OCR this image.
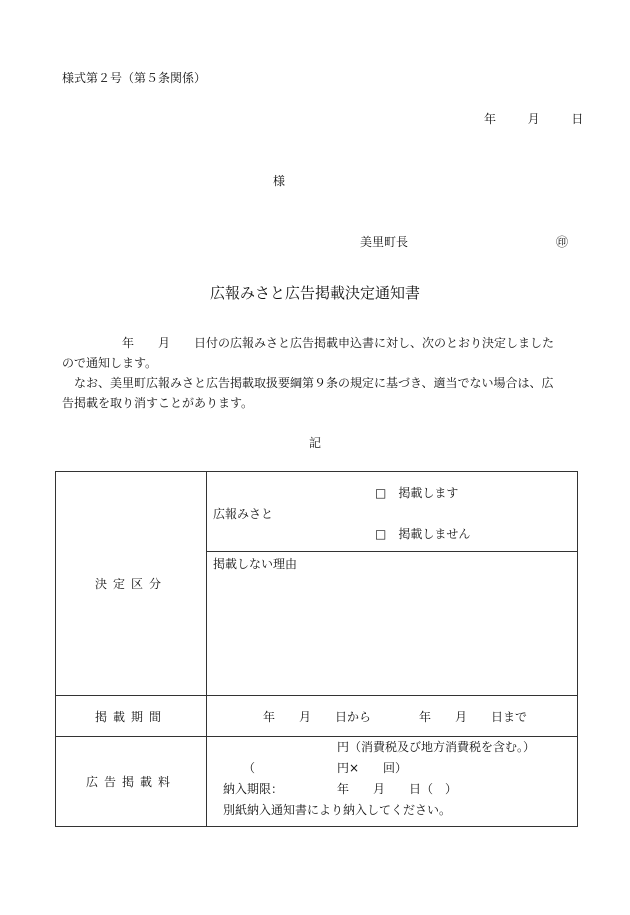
様式第２号（第５条関係）
年	月	日
様
美里町長	㊞
広報みさと広告掲載決定通知書

年　　月　　日付の広報みさと広告掲載申込書に対し、次のとおり決定しました

ので通知します。

なお、美里町広報みさと広告掲載取扱要綱第９条の規定に基づき、適当でない場合は、広

告掲載を取り消すことがあります。

記
決定区分	□　掲載します
広報みさと
□　掲載しません

	掲載しない理由

掲載期間	年　　月　　日から　　　　年　　月　　日まで
広告掲載料	円（消費税及び地方消費税を含む。）
（ 円×　　回）
納入期限：　　　　　年　　月　　日（　）
別紙納入通知書により納入してください。
